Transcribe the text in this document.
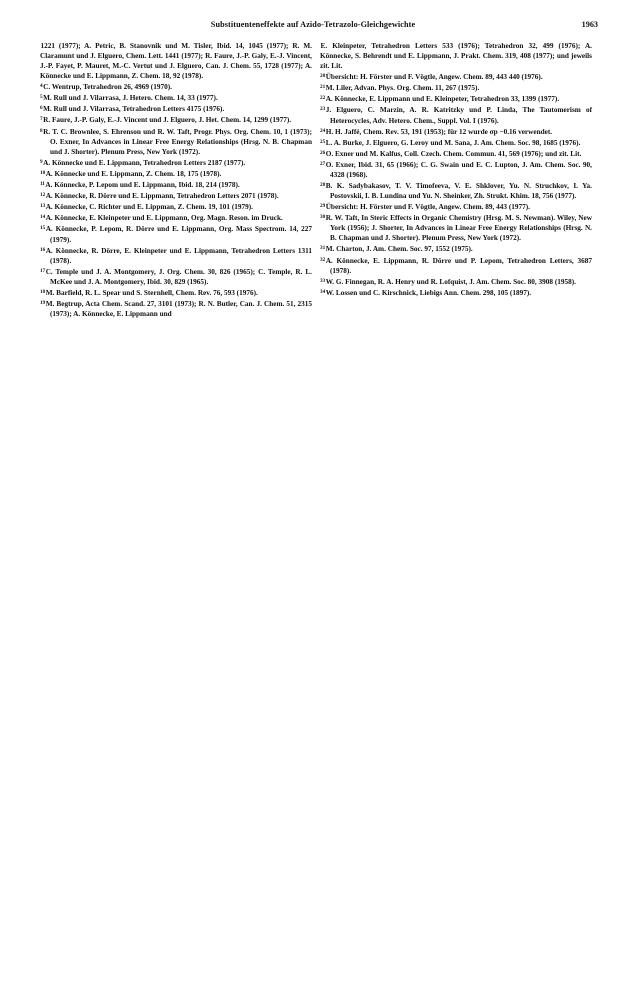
Substituenteneffekte auf Azido-Tetrazolo-Gleichgewichte	1963

1221 (1977); A. Petric, B. Stanovnik und M. Tisler, Ibid. 14, 1045 (1977); R. M. Claramunt und J. Elguero, Chem. Lett. 1441 (1977); R. Faure, J.-P. Galy, E.-J. Vincent, J.-P. Fayet, P. Mauret, M.-C. Vertut und J. Elguero, Can. J. Chem. 55, 1728 (1977); A. Könnecke und E. Lippmann, Z. Chem. 18, 92 (1978).

$^4$C. Wentrup, Tetrahedron 26, 4969 (1970).

$^5$M. Rull und J. Vilarrasa, J. Hetero. Chem. 14, 33 (1977).

$^6$M. Rull und J. Vilarrasa, Tetrahedron Letters 4175 (1976).

$^7$R. Faure, J.-P. Galy, E.-J. Vincent und J. Elguero, J. Het. Chem. 14, 1299 (1977).

$^8$R. T. C. Brownlee, S. Ehrenson und R. W. Taft, Progr. Phys. Org. Chem. 10, 1 (1973); O. Exner, In Advances in Linear Free Energy Relationships (Hrsg. N. B. Chapman und J. Shorter). Plenum Press, New York (1972).

$^9$A. Könnecke und E. Lippmann, Tetrahedron Letters 2187 (1977).

$^{10}$A. Könnecke und E. Lippmann, Z. Chem. 18, 175 (1978).

$^{11}$A. Könnecke, P. Lepom und E. Lippmann, Ibid. 18, 214 (1978).

$^{12}$A. Könnecke, R. Dörre und E. Lippmann, Tetrahedron Letters 2071 (1978).

$^{13}$A. Könnecke, C. Richter und E. Lippman, Z. Chem. 19, 101 (1979).

$^{14}$A. Könnecke, E. Kleinpeter und E. Lippmann, Org. Magn. Reson. im Druck.

$^{15}$A. Könnecke, P. Lepom, R. Dörre und E. Lippmann, Org. Mass Spectrom. 14, 227 (1979).

$^{16}$A. Könnecke, R. Dörre, E. Kleinpeter und E. Lippmann, Tetrahedron Letters 1311 (1978).

$^{17}$C. Temple und J. A. Montgomery, J. Org. Chem. 30, 826 (1965); C. Temple, R. L. McKee und J. A. Montgomery, Ibid. 30, 829 (1965).

$^{18}$M. Barfield, R. L. Spear und S. Sternhell, Chem. Rev. 76, 593 (1976).

$^{19}$M. Begtrup, Acta Chem. Scand. 27, 3101 (1973); R. N. Butler, Can. J. Chem. 51, 2315 (1973); A. Könnecke, E. Lippmann und

E. Kleinpeter, Tetrahedron Letters 533 (1976); Tetrahedron 32, 499 (1976); A. Könnecke, S. Behrendt und E. Lippmann, J. Prakt. Chem. 319, 408 (1977); und jeweils zit. Lit.

$^{20}$Übersicht: H. Förster und F. Vögtle, Angew. Chem. 89, 443 440 (1976).

$^{21}$M. Liler, Advan. Phys. Org. Chem. 11, 267 (1975).

$^{22}$A. Könnecke, E. Lippmann und E. Kleinpeter, Tetrahedron 33, 1399 (1977).

$^{23}$J. Elguero, C. Marzin, A. R. Katritzky und P. Linda, The Tautomerism of Heterocycles, Adv. Hetero. Chem., Suppl. Vol. I (1976).

$^{24}$H. H. Jaffé, Chem. Rev. 53, 191 (1953); für 12 wurde σp −0.16 verwendet.

$^{25}$L. A. Burke, J. Elguero, G. Leroy und M. Sana, J. Am. Chem. Soc. 98, 1685 (1976).

$^{26}$O. Exner und M. Kalfus, Coll. Czech. Chem. Commun. 41, 569 (1976); und zit. Lit.

$^{27}$O. Exner, Ibid. 31, 65 (1966); C. G. Swain und E. C. Lupton, J. Am. Chem. Soc. 90, 4328 (1968).

$^{28}$B. K. Sadybakasov, T. V. Timofeeva, V. E. Shklover, Yu. N. Struchkov, I. Ya. Postovskii, I. B. Lundina und Yu. N. Sheinker, Zh. Strukt. Khim. 18, 756 (1977).

$^{29}$Übersicht: H. Förster und F. Vögtle, Angew. Chem. 89, 443 (1977).

$^{30}$R. W. Taft, In Steric Effects in Organic Chemistry (Hrsg. M. S. Newman). Wiley, New York (1956); J. Shorter, In Advances in Linear Free Energy Relationships (Hrsg. N. B. Chapman und J. Shorter). Plenum Press, New York (1972).

$^{31}$M. Charton, J. Am. Chem. Soc. 97, 1552 (1975).

$^{32}$A. Könnecke, E. Lippmann, R. Dörre und P. Lepom, Tetrahedron Letters, 3687 (1978).

$^{33}$W. G. Finnegan, R. A. Henry und R. Lofquist, J. Am. Chem. Soc. 80, 3908 (1958).

$^{34}$W. Lossen und C. Kirschnick, Liebigs Ann. Chem. 298, 105 (1897).
